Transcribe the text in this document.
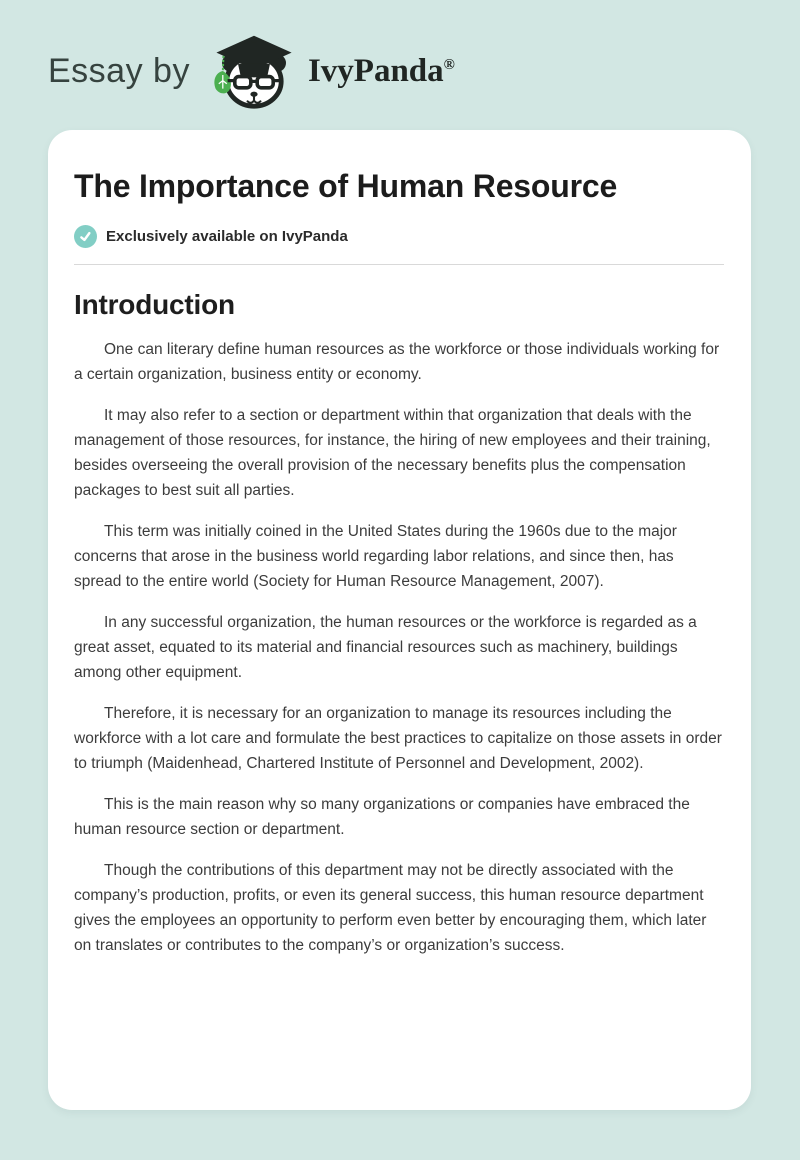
Essay by	IvyPanda®
The Importance of Human Resource
Exclusively available on IvyPanda
Introduction

One can literary define human resources as the workforce or those individuals working for a certain organization, business entity or economy.

It may also refer to a section or department within that organization that deals with the management of those resources, for instance, the hiring of new employees and their training, besides overseeing the overall provision of the necessary benefits plus the compensation packages to best suit all parties.

This term was initially coined in the United States during the 1960s due to the major concerns that arose in the business world regarding labor relations, and since then, has spread to the entire world (Society for Human Resource Management, 2007).

In any successful organization, the human resources or the workforce is regarded as a great asset, equated to its material and financial resources such as machinery, buildings among other equipment.

Therefore, it is necessary for an organization to manage its resources including the workforce with a lot care and formulate the best practices to capitalize on those assets in order to triumph (Maidenhead, Chartered Institute of Personnel and Development, 2002).

This is the main reason why so many organizations or companies have embraced the human resource section or department.

Though the contributions of this department may not be directly associated with the company’s production, profits, or even its general success, this human resource department gives the employees an opportunity to perform even better by encouraging them, which later on translates or contributes to the company’s or organization’s success.
